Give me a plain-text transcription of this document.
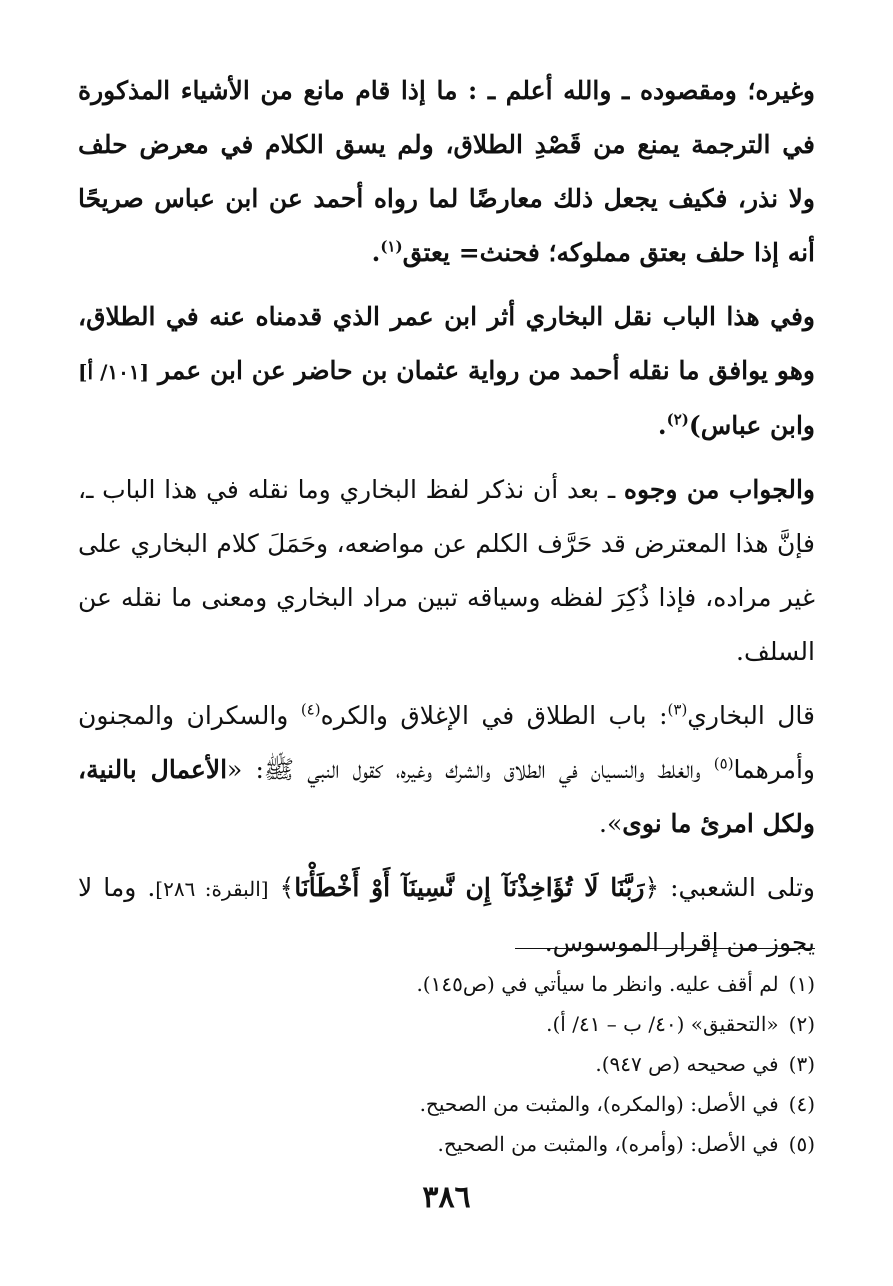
وغيره؛ ومقصوده ـ والله أعلم ـ : ما إذا قام مانع من الأشياء المذكورة في الترجمة يمنع من قَصْدِ الطلاق، ولم يسق الكلام في معرض حلف ولا نذر، فكيف يجعل ذلك معارضًا لما رواه أحمد عن ابن عباس صريحًا أنه إذا حلف بعتق مملوكه؛ فحنث= يعتق$^{(١)}$.

وفي هذا الباب نقل البخاري أثر ابن عمر الذي قدمناه عنه في الطلاق، وهو يوافق ما نقله أحمد من رواية عثمان بن حاضر عن ابن عمر [١٠١/ أ] وابن عباس)$^{(٢)}$.

والجواب من وجوه ـ بعد أن نذكر لفظ البخاري وما نقله في هذا الباب ـ، فإنَّ هذا المعترض قد حَرَّف الكلم عن مواضعه، وحَمَلَ كلام البخاري على غير مراده، فإذا ذُكِرَ لفظه وسياقه تبين مراد البخاري ومعنى ما نقله عن السلف.

قال البخاري$^{(٣)}$: باب الطلاق في الإغلاق والكره$^{(٤)}$ والسكران والمجنون وأمرهما$^{(٥)}$ والغلط والنسيان في الطلاق والشرك وغيره، كقول النبي ﷺ: «الأعمال بالنية، ولكل امرئ ما نوى».

وتلى الشعبي: ﴿رَبَّنَا لَا تُؤَاخِذْنَآ إِن نَّسِينَآ أَوْ أَخْطَأْنَا﴾ [البقرة: ٢٨٦]. وما لا يجوز من إقرار الموسوس.

(١)لم أقف عليه. وانظر ما سيأتي في (ص١٤٥).
(٢)«التحقيق» (٤٠/ ب – ٤١/ أ).
(٣)في صحيحه (ص ٩٤٧).
(٤)في الأصل: (والمكره)، والمثبت من الصحيح.
(٥)في الأصل: (وأمره)، والمثبت من الصحيح.
٣٨٦
